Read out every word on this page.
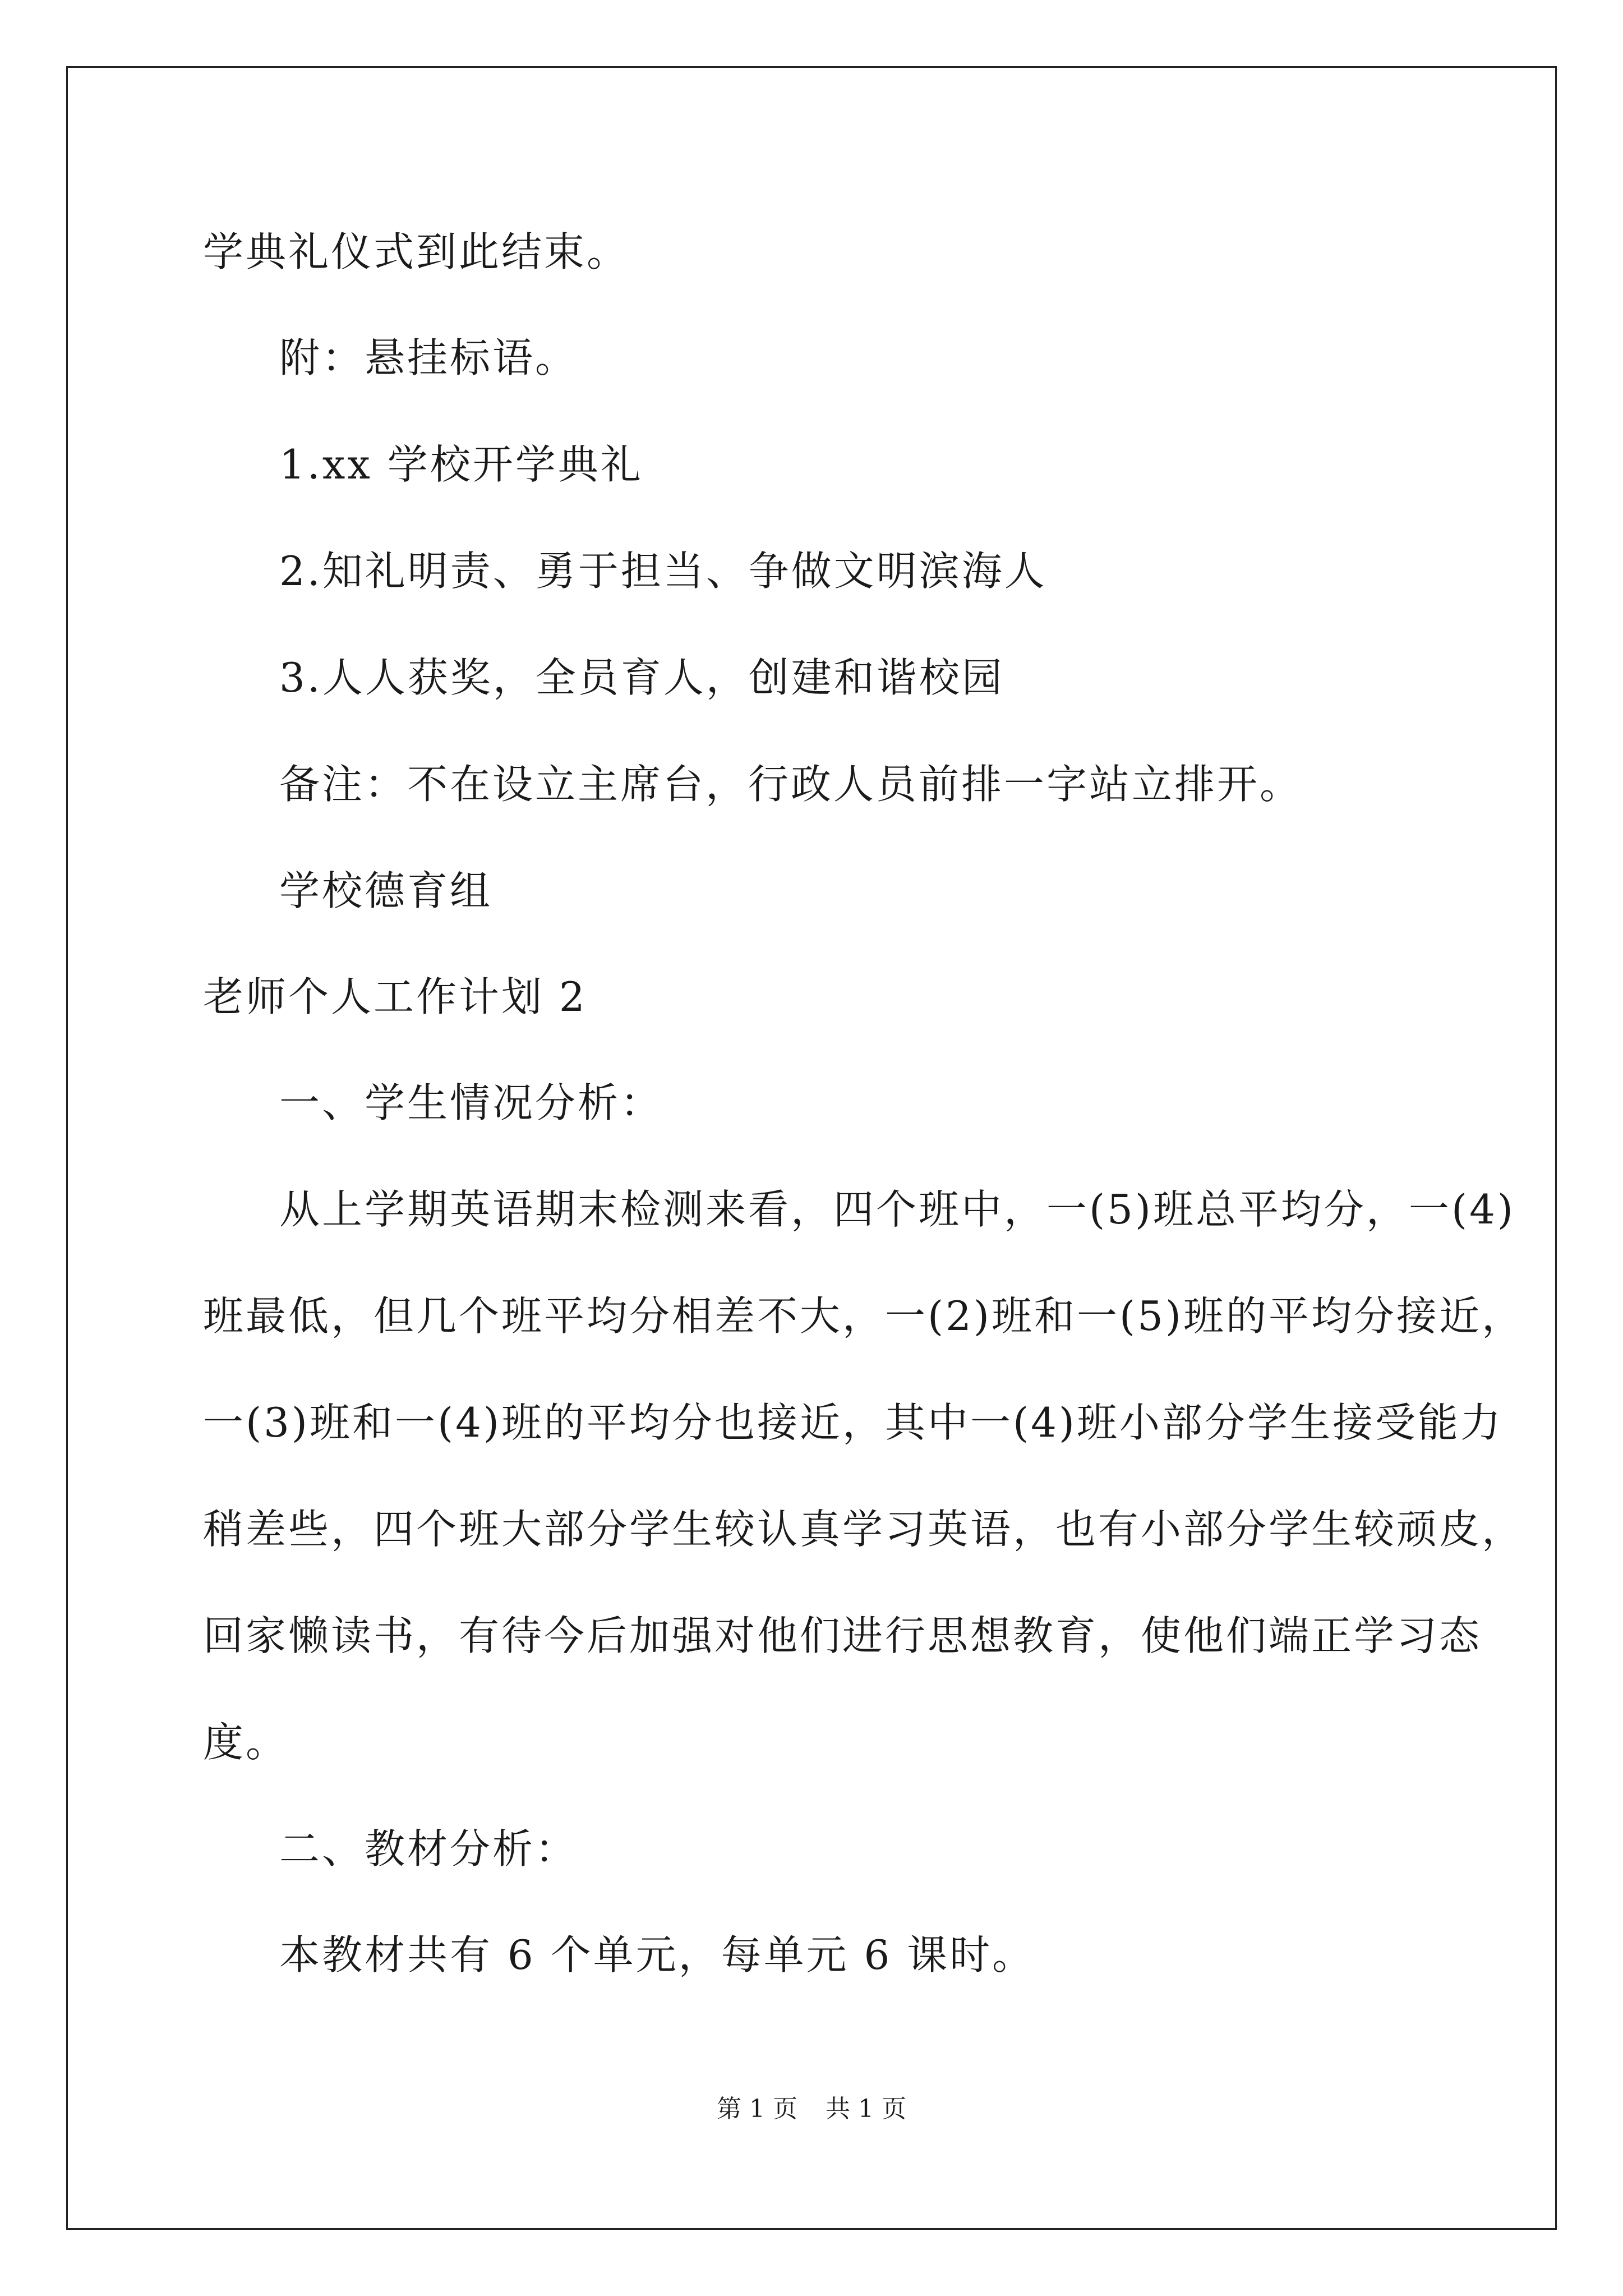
学典礼仪式到此结束。
附：悬挂标语。
1.xx 学校开学典礼
2.知礼明责、勇于担当、争做文明滨海人
3.人人获奖，全员育人，创建和谐校园
备注：不在设立主席台，行政人员前排一字站立排开。
学校德育组
老师个人工作计划 2
一、学生情况分析：
从上学期英语期末检测来看，四个班中，一(5)班总平均分，一(4)
班最低，但几个班平均分相差不大，一(2)班和一(5)班的平均分接近，
一(3)班和一(4)班的平均分也接近，其中一(4)班小部分学生接受能力
稍差些，四个班大部分学生较认真学习英语，也有小部分学生较顽皮，
回家懒读书，有待今后加强对他们进行思想教育，使他们端正学习态
度。
二、教材分析：
本教材共有 6 个单元，每单元 6 课时。
第 1 页 共 1 页
